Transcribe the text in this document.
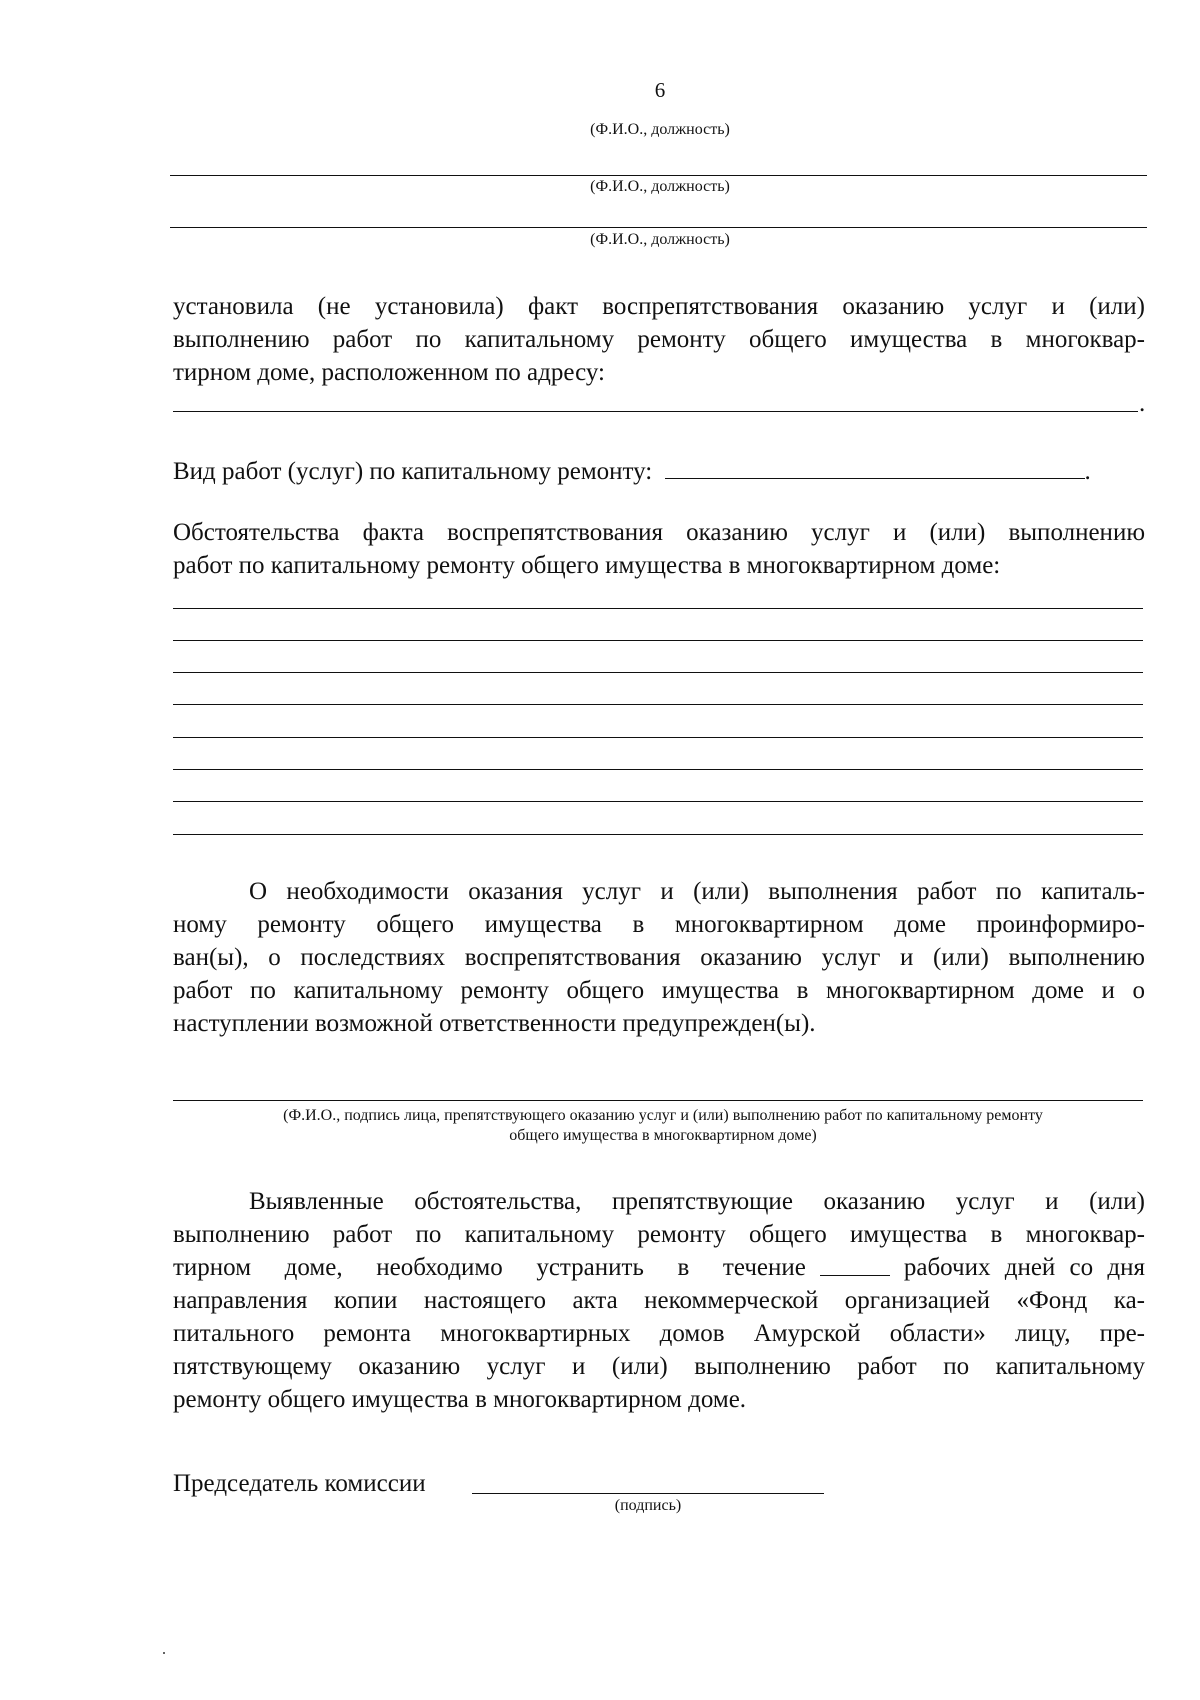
6
(Ф.И.О., должность)
(Ф.И.О., должность)
(Ф.И.О., должность)
установила (не установила) факт воспрепятствования оказанию услуг и (или)
выполнению работ по капитальному ремонту общего имущества в многоквар-
тирном доме, расположенном по адресу:
.
Вид работ (услуг) по капитальному ремонту:	.
Обстоятельства факта воспрепятствования оказанию услуг и (или) выполнению
работ по капитальному ремонту общего имущества в многоквартирном доме:
О необходимости оказания услуг и (или) выполнения работ по капиталь-
ному ремонту общего имущества в многоквартирном доме проинформиро-
ван(ы), о последствиях воспрепятствования оказанию услуг и (или) выполнению
работ по капитальному ремонту общего имущества в многоквартирном доме и о
наступлении возможной ответственности предупрежден(ы).
(Ф.И.О., подпись лица, препятствующего оказанию услуг и (или) выполнению работ по капитальному ремонту
общего имущества в многоквартирном доме)
Выявленные обстоятельства, препятствующие оказанию услуг и (или)
выполнению работ по капитальному ремонту общего имущества в многоквар-
тирном доме, необходимо устранить в течение	рабочих дней со дня
направления копии настоящего акта некоммерческой организацией «Фонд ка-
питального ремонта многоквартирных домов Амурской области» лицу, пре-
пятствующему оказанию услуг и (или) выполнению работ по капитальному
ремонту общего имущества в многоквартирном доме.
Председатель комиссии
(подпись)
